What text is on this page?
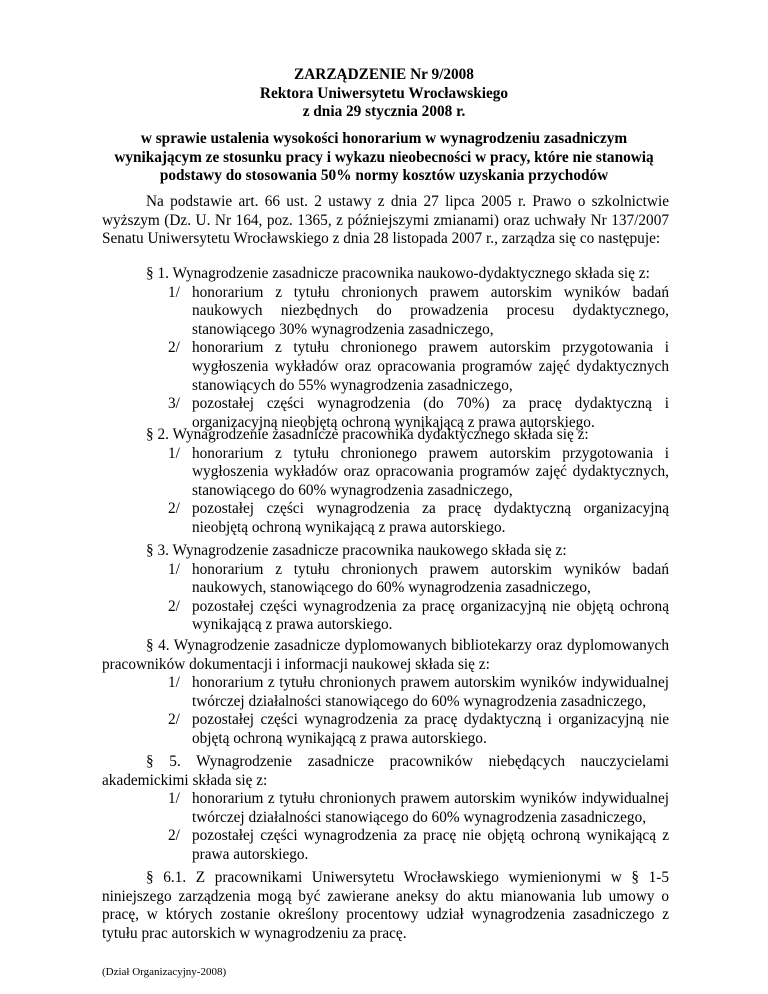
ZARZĄDZENIE Nr 9/2008
Rektora Uniwersytetu Wrocławskiego
z dnia 29 stycznia 2008 r.
w sprawie ustalenia wysokości honorarium w wynagrodzeniu zasadniczym wynikającym ze stosunku pracy i wykazu nieobecności w pracy, które nie stanowią podstawy do stosowania 50% normy kosztów uzyskania przychodów

Na podstawie art. 66 ust. 2 ustawy z dnia 27 lipca 2005 r. Prawo o szkolnictwie wyższym (Dz. U. Nr 164, poz. 1365, z późniejszymi zmianami) oraz uchwały Nr 137/2007 Senatu Uniwersytetu Wrocławskiego z dnia 28 listopada 2007 r., zarządza się co następuje:

§ 1. Wynagrodzenie zasadnicze pracownika naukowo-dydaktycznego składa się z:

1/ honorarium z tytułu chronionych prawem autorskim wyników badań naukowych niezbędnych do prowadzenia procesu dydaktycznego, stanowiącego 30% wynagrodzenia zasadniczego,
2/ honorarium z tytułu chronionego prawem autorskim przygotowania i wygłoszenia wykładów oraz opracowania programów zajęć dydaktycznych stanowiących do 55% wynagrodzenia zasadniczego,
3/ pozostałej części wynagrodzenia (do 70%) za pracę dydaktyczną i organizacyjną nieobjętą ochroną wynikającą z prawa autorskiego.

§ 2. Wynagrodzenie zasadnicze pracownika dydaktycznego składa się z:

1/ honorarium z tytułu chronionego prawem autorskim przygotowania i wygłoszenia wykładów oraz opracowania programów zajęć dydaktycznych, stanowiącego do 60% wynagrodzenia zasadniczego,
2/ pozostałej części wynagrodzenia za pracę dydaktyczną organizacyjną nieobjętą ochroną wynikającą z prawa autorskiego.

§ 3. Wynagrodzenie zasadnicze pracownika naukowego składa się z:

1/ honorarium z tytułu chronionych prawem autorskim wyników badań naukowych, stanowiącego do 60% wynagrodzenia zasadniczego,
2/ pozostałej części wynagrodzenia za pracę organizacyjną nie objętą ochroną wynikającą z prawa autorskiego.

§ 4. Wynagrodzenie zasadnicze dyplomowanych bibliotekarzy oraz dyplomowanych pracowników dokumentacji i informacji naukowej składa się z:

1/ honorarium z tytułu chronionych prawem autorskim wyników indywidualnej twórczej działalności stanowiącego do 60% wynagrodzenia zasadniczego,
2/ pozostałej części wynagrodzenia za pracę dydaktyczną i organizacyjną nie objętą ochroną wynikającą z prawa autorskiego.

§ 5. Wynagrodzenie zasadnicze pracowników niebędących nauczycielami akademickimi składa się z:

1/ honorarium z tytułu chronionych prawem autorskim wyników indywidualnej twórczej działalności stanowiącego do 60% wynagrodzenia zasadniczego,
2/ pozostałej części wynagrodzenia za pracę nie objętą ochroną wynikającą z prawa autorskiego.

§ 6.1. Z pracownikami Uniwersytetu Wrocławskiego wymienionymi w § 1-5 niniejszego zarządzenia mogą być zawierane aneksy do aktu mianowania lub umowy o pracę, w których zostanie określony procentowy udział wynagrodzenia zasadniczego z tytułu prac autorskich w wynagrodzeniu za pracę.

(Dział Organizacyjny-2008)
